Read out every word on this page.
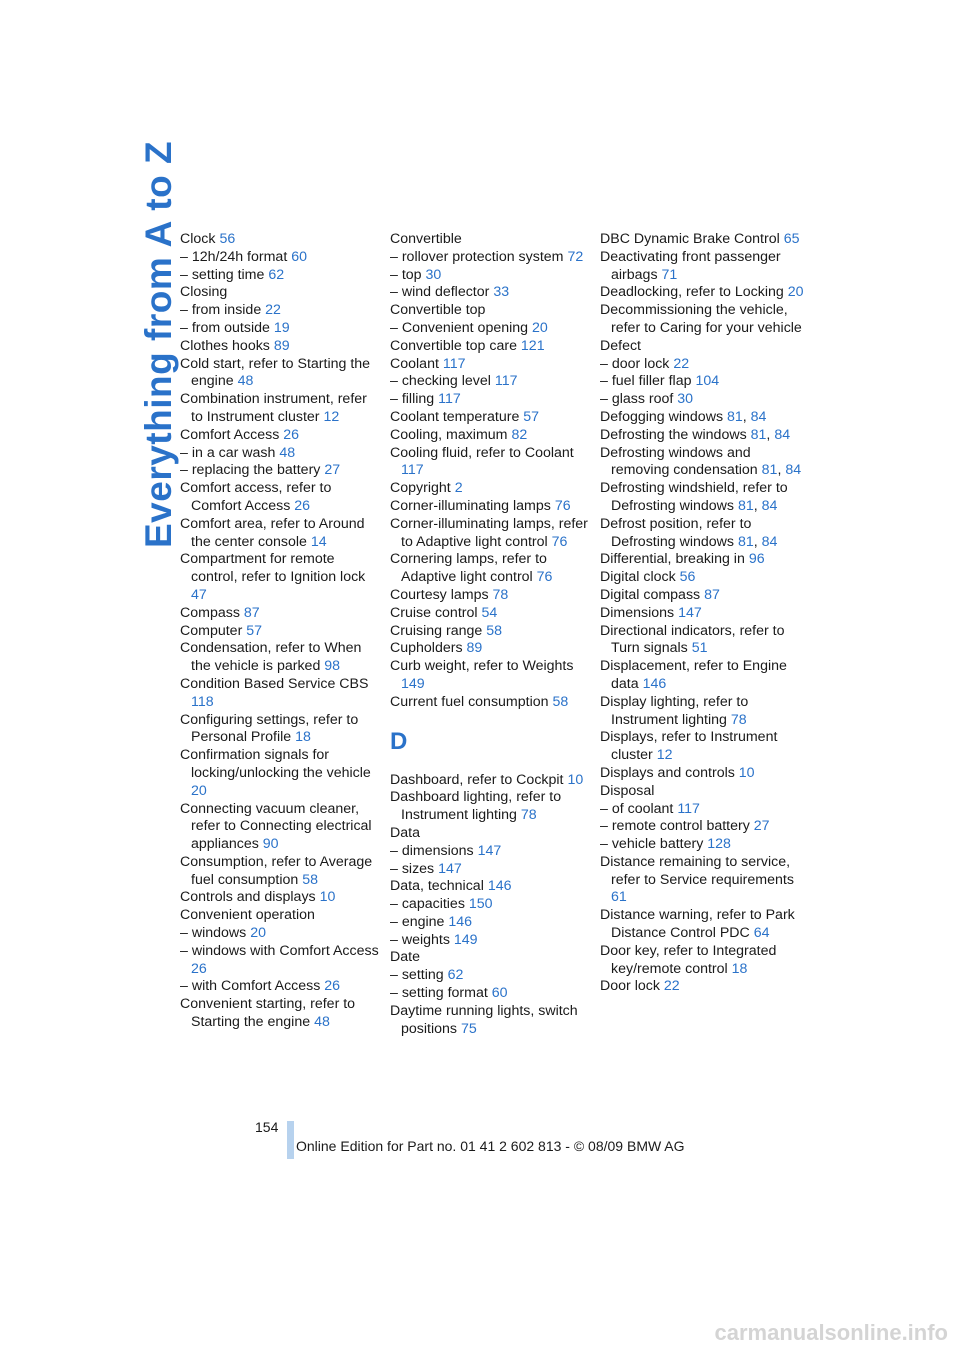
Everything from A to Z Clock 56
– 12h/24h format 60
– setting time 62
Closing
– from inside 22
– from outside 19
Clothes hooks 89
Cold start, refer to Starting the engine 48
Combination instrument, refer to Instrument cluster 12
Comfort Access 26
– in a car wash 48
– replacing the battery 27
Comfort access, refer to Comfort Access 26
Comfort area, refer to Around the center console 14
Compartment for remote control, refer to Ignition lock 47
Compass 87
Computer 57
Condensation, refer to When the vehicle is parked 98
Condition Based Service CBS 118
Configuring settings, refer to Personal Profile 18
Confirmation signals for locking/unlocking the vehicle 20
Connecting vacuum cleaner, refer to Connecting electrical appliances 90
Consumption, refer to Average fuel consumption 58
Controls and displays 10
Convenient operation
– windows 20
– windows with Comfort Access 26
– with Comfort Access 26
Convenient starting, refer to Starting the engine 48
Convertible
– rollover protection system 72
– top 30
– wind deflector 33
Convertible top
– Convenient opening 20
Convertible top care 121
Coolant 117
– checking level 117
– filling 117
Coolant temperature 57
Cooling, maximum 82
Cooling fluid, refer to Coolant 117
Copyright 2
Corner-illuminating lamps 76
Corner-illuminating lamps, refer to Adaptive light control 76
Cornering lamps, refer to Adaptive light control 76
Courtesy lamps 78
Cruise control 54
Cruising range 58
Cupholders 89
Curb weight, refer to Weights 149
Current fuel consumption 58
D
Dashboard, refer to Cockpit 10
Dashboard lighting, refer to Instrument lighting 78
Data
– dimensions 147
– sizes 147
Data, technical 146
– capacities 150
– engine 146
– weights 149
Date
– setting 62
– setting format 60
Daytime running lights, switch positions 75
DBC Dynamic Brake Control 65
Deactivating front passenger airbags 71
Deadlocking, refer to Locking 20
Decommissioning the vehicle, refer to Caring for your vehicle
Defect
– door lock 22
– fuel filler flap 104
– glass roof 30
Defogging windows 81, 84
Defrosting the windows 81, 84
Defrosting windows and removing condensation 81, 84
Defrosting windshield, refer to Defrosting windows 81, 84
Defrost position, refer to Defrosting windows 81, 84
Differential, breaking in 96
Digital clock 56
Digital compass 87
Dimensions 147
Directional indicators, refer to Turn signals 51
Displacement, refer to Engine data 146
Display lighting, refer to Instrument lighting 78
Displays, refer to Instrument cluster 12
Displays and controls 10
Disposal
– of coolant 117
– remote control battery 27
– vehicle battery 128
Distance remaining to service, refer to Service requirements 61
Distance warning, refer to Park Distance Control PDC 64
Door key, refer to Integrated key/remote control 18
Door lock 22
154
Online Edition for Part no. 01 41 2 602 813 - © 08/09 BMW AG
carmanualsonline.info
